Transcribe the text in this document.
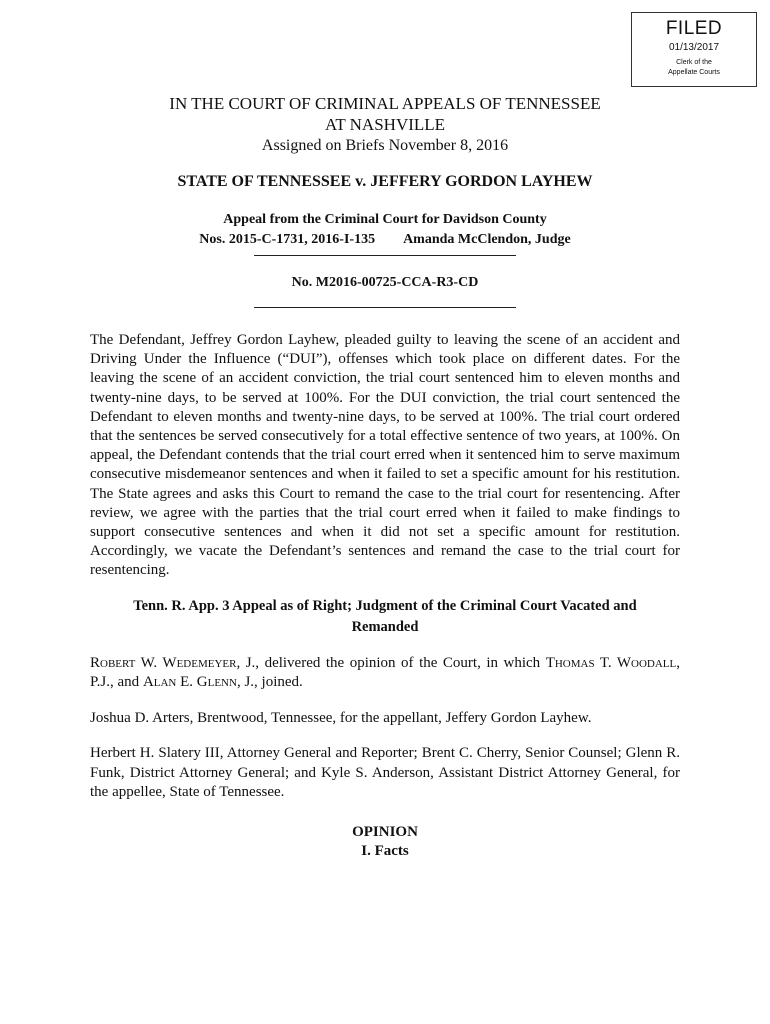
FILED
01/13/2017
Clerk of the
Appellate Courts
IN THE COURT OF CRIMINAL APPEALS OF TENNESSEE
AT NASHVILLE
Assigned on Briefs November 8, 2016
STATE OF TENNESSEE v. JEFFERY GORDON LAYHEW
Appeal from the Criminal Court for Davidson County
Nos. 2015-C-1731, 2016-I-135 Amanda McClendon, Judge
No. M2016-00725-CCA-R3-CD
The Defendant, Jeffrey Gordon Layhew, pleaded guilty to leaving the scene of an accident and Driving Under the Influence (“DUI”), offenses which took place on different dates. For the leaving the scene of an accident conviction, the trial court sentenced him to eleven months and twenty-nine days, to be served at 100%. For the DUI conviction, the trial court sentenced the Defendant to eleven months and twenty-nine days, to be served at 100%. The trial court ordered that the sentences be served consecutively for a total effective sentence of two years, at 100%. On appeal, the Defendant contends that the trial court erred when it sentenced him to serve maximum consecutive misdemeanor sentences and when it failed to set a specific amount for his restitution. The State agrees and asks this Court to remand the case to the trial court for resentencing. After review, we agree with the parties that the trial court erred when it failed to make findings to support consecutive sentences and when it did not set a specific amount for restitution. Accordingly, we vacate the Defendant’s sentences and remand the case to the trial court for resentencing.
Tenn. R. App. 3 Appeal as of Right; Judgment of the Criminal Court Vacated and
Remanded
Robert W. Wedemeyer, J., delivered the opinion of the Court, in which Thomas T. Woodall, P.J., and Alan E. Glenn, J., joined.
Joshua D. Arters, Brentwood, Tennessee, for the appellant, Jeffery Gordon Layhew.
Herbert H. Slatery III, Attorney General and Reporter; Brent C. Cherry, Senior Counsel; Glenn R. Funk, District Attorney General; and Kyle S. Anderson, Assistant District Attorney General, for the appellee, State of Tennessee.
OPINION
I. Facts
